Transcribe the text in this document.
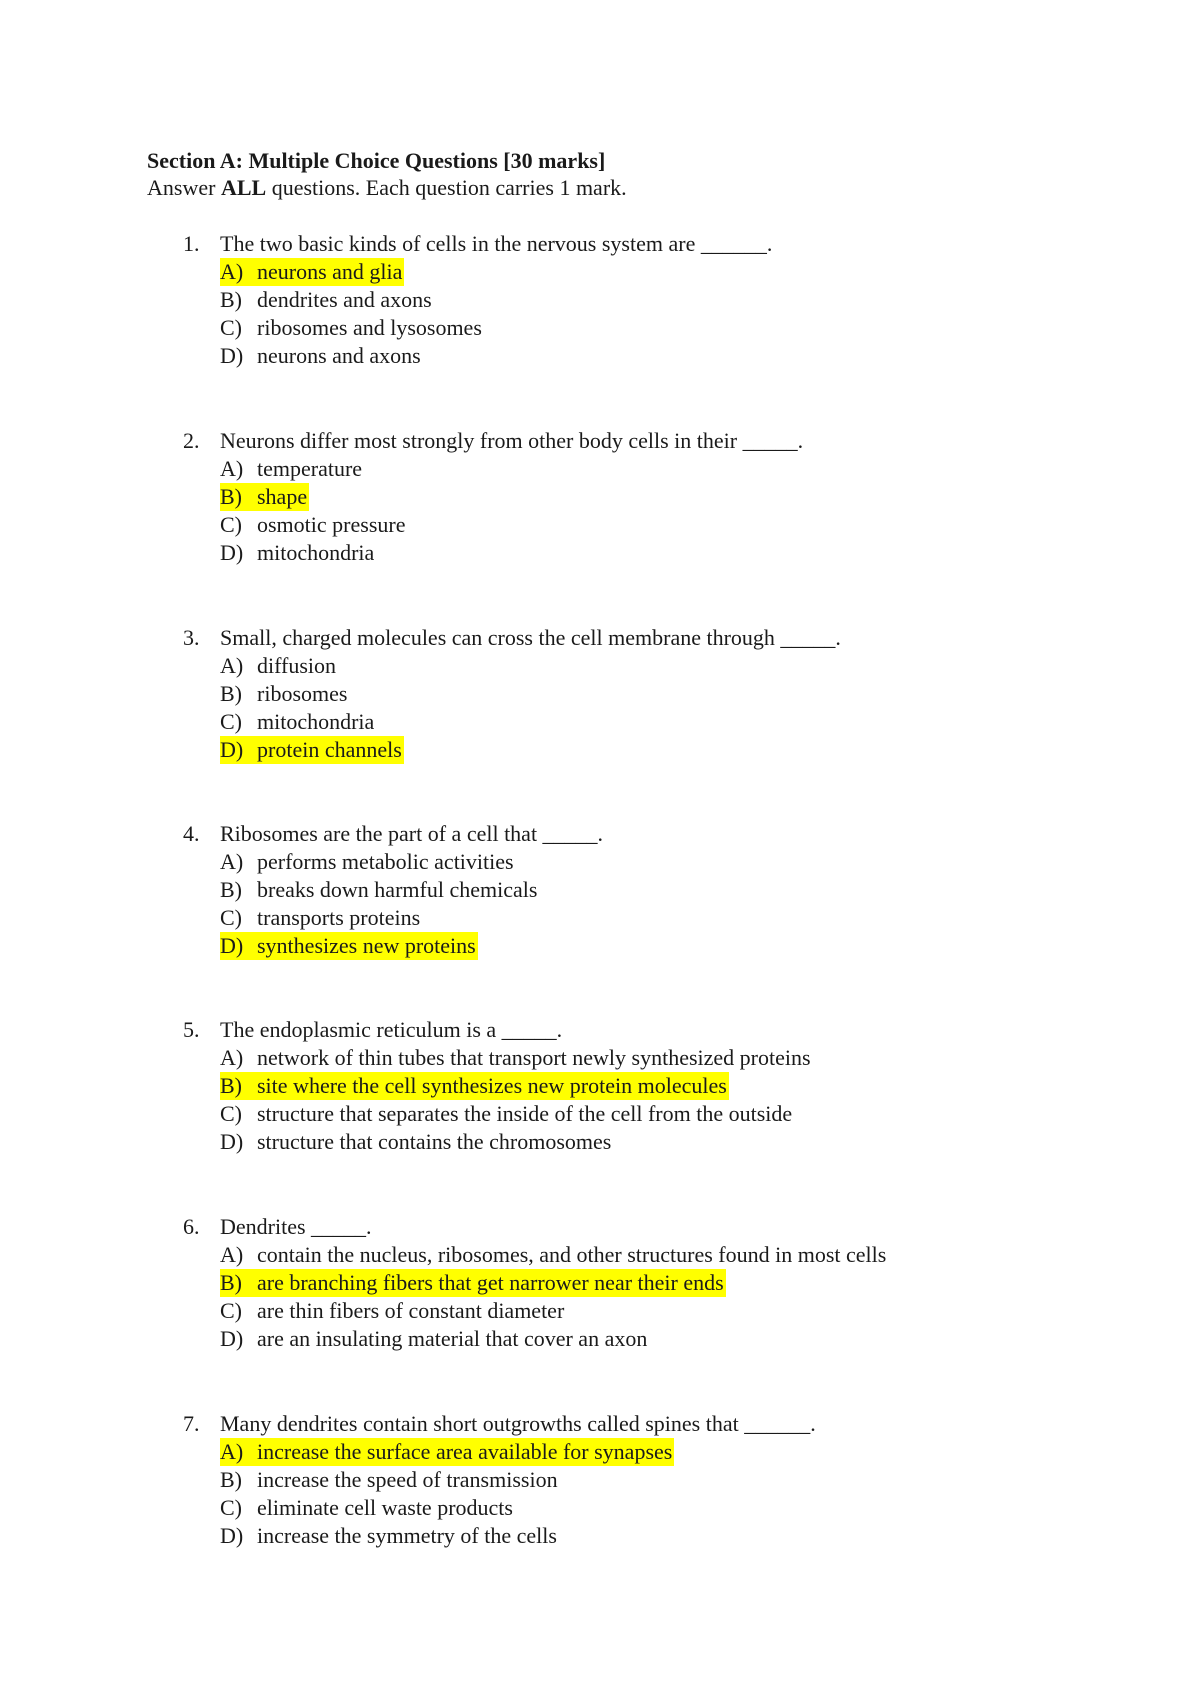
Section A: Multiple Choice Questions [30 marks]
Answer ALL questions. Each question carries 1 mark.
1. The two basic kinds of cells in the nervous system are ______.
A) neurons and glia
B) dendrites and axons
C) ribosomes and lysosomes
D) neurons and axons
2. Neurons differ most strongly from other body cells in their _____.
A) temperature
B) shape
C) osmotic pressure
D) mitochondria
3. Small, charged molecules can cross the cell membrane through _____.
A) diffusion
B) ribosomes
C) mitochondria
D) protein channels
4. Ribosomes are the part of a cell that _____.
A) performs metabolic activities
B) breaks down harmful chemicals
C) transports proteins
D) synthesizes new proteins
5. The endoplasmic reticulum is a _____.
A) network of thin tubes that transport newly synthesized proteins
B) site where the cell synthesizes new protein molecules
C) structure that separates the inside of the cell from the outside
D) structure that contains the chromosomes
6. Dendrites _____.
A) contain the nucleus, ribosomes, and other structures found in most cells
B) are branching fibers that get narrower near their ends
C) are thin fibers of constant diameter
D) are an insulating material that cover an axon
7. Many dendrites contain short outgrowths called spines that ______.
A) increase the surface area available for synapses
B) increase the speed of transmission
C) eliminate cell waste products
D) increase the symmetry of the cells
